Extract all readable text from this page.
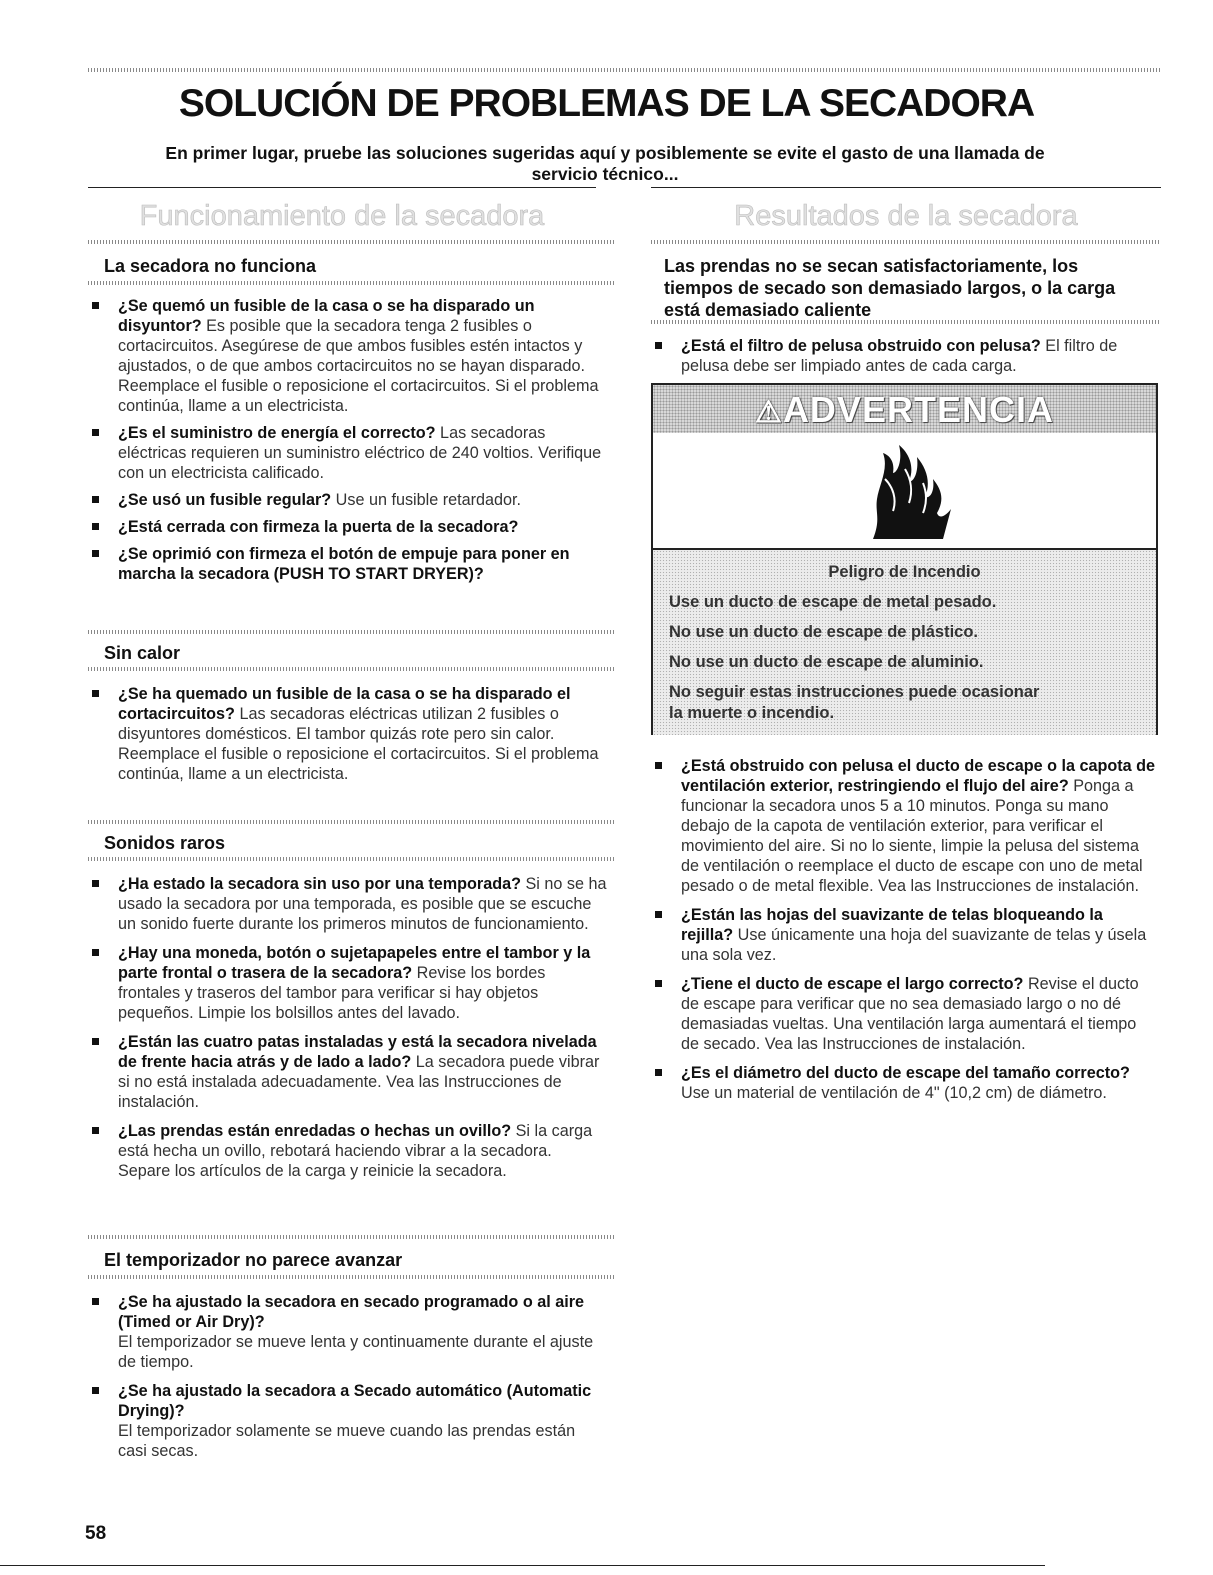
SOLUCIÓN DE PROBLEMAS DE LA SECADORA
En primer lugar, pruebe las soluciones sugeridas aquí y posiblemente se evite el gasto de una llamada de servicio técnico...
Funcionamiento de la secadora
La secadora no funciona
¿Se quemó un fusible de la casa o se ha disparado un disyuntor? Es posible que la secadora tenga 2 fusibles o cortacircuitos. Asegúrese de que ambos fusibles estén intactos y ajustados, o de que ambos cortacircuitos no se hayan disparado. Reemplace el fusible o reposicione el cortacircuitos. Si el problema continúa, llame a un electricista.
¿Es el suministro de energía el correcto? Las secadoras eléctricas requieren un suministro eléctrico de 240 voltios. Verifique con un electricista calificado.
¿Se usó un fusible regular? Use un fusible retardador.
¿Está cerrada con firmeza la puerta de la secadora?
¿Se oprimió con firmeza el botón de empuje para poner en marcha la secadora (PUSH TO START DRYER)?
Sin calor
¿Se ha quemado un fusible de la casa o se ha disparado el cortacircuitos? Las secadoras eléctricas utilizan 2 fusibles o disyuntores domésticos. El tambor quizás rote pero sin calor. Reemplace el fusible o reposicione el cortacircuitos. Si el problema continúa, llame a un electricista.
Sonidos raros
¿Ha estado la secadora sin uso por una temporada? Si no se ha usado la secadora por una temporada, es posible que se escuche un sonido fuerte durante los primeros minutos de funcionamiento.
¿Hay una moneda, botón o sujetapapeles entre el tambor y la parte frontal o trasera de la secadora? Revise los bordes frontales y traseros del tambor para verificar si hay objetos pequeños. Limpie los bolsillos antes del lavado.
¿Están las cuatro patas instaladas y está la secadora nivelada de frente hacia atrás y de lado a lado? La secadora puede vibrar si no está instalada adecuadamente. Vea las Instrucciones de instalación.
¿Las prendas están enredadas o hechas un ovillo? Si la carga está hecha un ovillo, rebotará haciendo vibrar a la secadora. Separe los artículos de la carga y reinicie la secadora.
El temporizador no parece avanzar
¿Se ha ajustado la secadora en secado programado o al aire (Timed or Air Dry)?
El temporizador se mueve lenta y continuamente durante el ajuste de tiempo.
¿Se ha ajustado la secadora a Secado automático (Automatic Drying)?
El temporizador solamente se mueve cuando las prendas están casi secas.
Resultados de la secadora
Las prendas no se secan satisfactoriamente, los tiempos de secado son demasiado largos, o la carga está demasiado caliente
¿Está el filtro de pelusa obstruido con pelusa? El filtro de pelusa debe ser limpiado antes de cada carga.
⚠ADVERTENCIA

Peligro de Incendio

Use un ducto de escape de metal pesado.

No use un ducto de escape de plástico.

No use un ducto de escape de aluminio.

No seguir estas instrucciones puede ocasionar

la muerte o incendio.

¿Está obstruido con pelusa el ducto de escape o la capota de ventilación exterior, restringiendo el flujo del aire? Ponga a funcionar la secadora unos 5 a 10 minutos. Ponga su mano debajo de la capota de ventilación exterior, para verificar el movimiento del aire. Si no lo siente, limpie la pelusa del sistema de ventilación o reemplace el ducto de escape con uno de metal pesado o de metal flexible. Vea las Instrucciones de instalación.
¿Están las hojas del suavizante de telas bloqueando la rejilla? Use únicamente una hoja del suavizante de telas y úsela una sola vez.
¿Tiene el ducto de escape el largo correcto? Revise el ducto de escape para verificar que no sea demasiado largo o no dé demasiadas vueltas. Una ventilación larga aumentará el tiempo de secado. Vea las Instrucciones de instalación.
¿Es el diámetro del ducto de escape del tamaño correcto? Use un material de ventilación de 4" (10,2 cm) de diámetro.
58
